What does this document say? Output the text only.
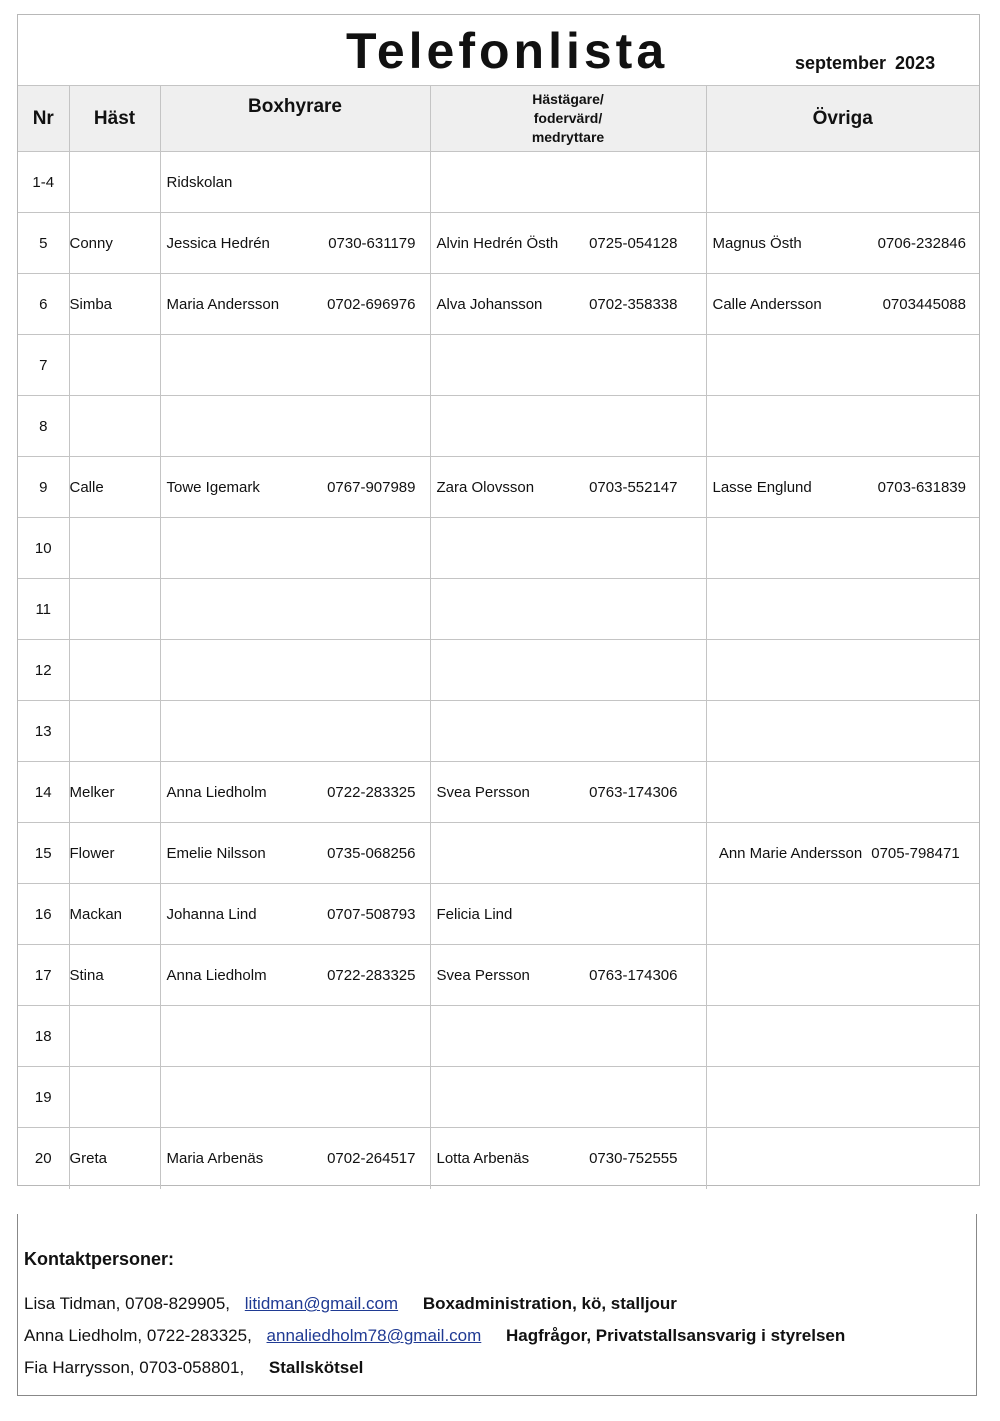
Telefonlista	september 2023
Nr	Häst	Boxhyrare	Hästägare/
fodervärd/
medryttare	Övriga
1-4		Ridskolan		

5	Conny	Jessica Hedrén 0730-631179	Alvin Hedrén Östh 0725-054128	Magnus Östh 0706-232846

6	Simba	Maria Andersson 0702-696976	Alva Johansson 0702-358338	Calle Andersson 0703445088

7		

8		

9	Calle	Towe Igemark 0767-907989	Zara Olovsson 0703-552147	Lasse Englund 0703-631839

10		

11		

12		

13		

14	Melker	Anna Liedholm 0722-283325	Svea Persson 0763-174306	

15	Flower	Emelie Nilsson 0735-068256		Ann Marie Andersson 0705-798471

16	Mackan	Johanna Lind 0707-508793	Felicia Lind	

17	Stina	Anna Liedholm 0722-283325	Svea Persson 0763-174306	

18		

19		

20	Greta	Maria Arbenäs 0702-264517	Lotta Arbenäs 0730-752555	

Kontaktpersoner:
Lisa Tidman, 0708-829905, litidman@gmail.com Boxadministration, kö, stalljour
Anna Liedholm, 0722-283325, annaliedholm78@gmail.com Hagfrågor, Privatstallsansvarig i styrelsen
Fia Harrysson, 0703-058801, Stallskötsel
